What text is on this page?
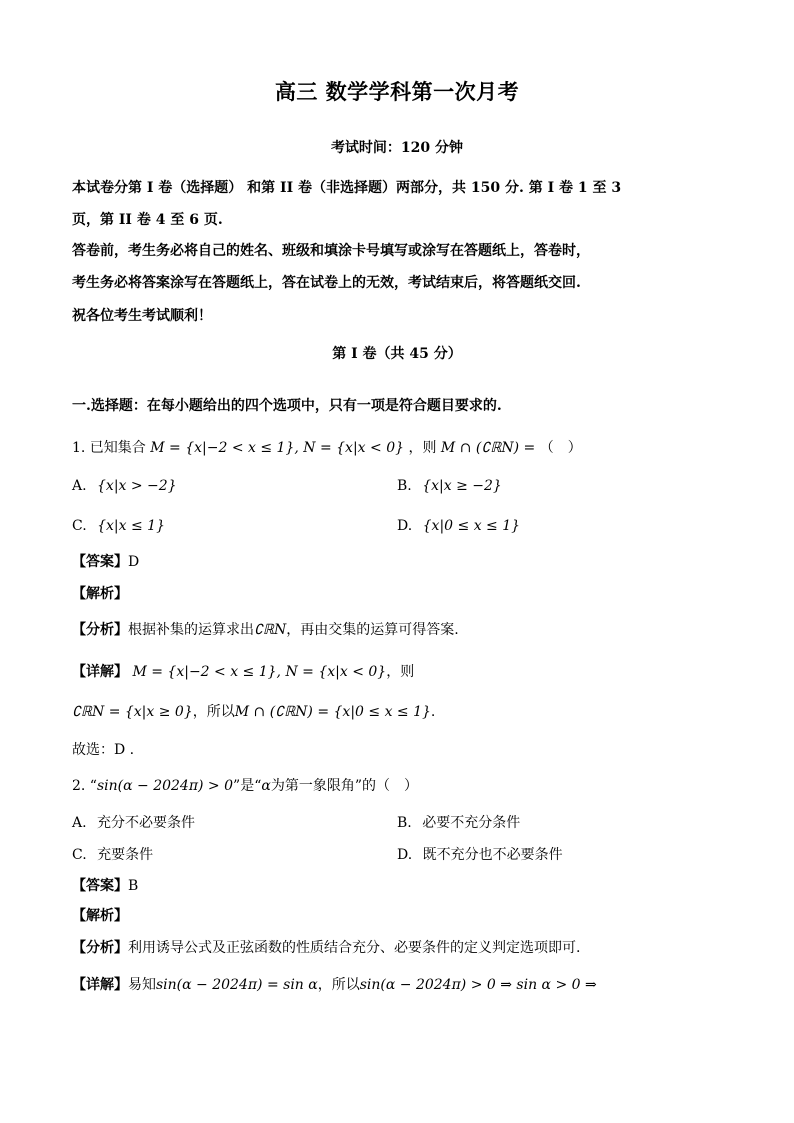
高三 数学学科第一次月考
考试时间：120 分钟
本试卷分第 I 卷（选择题） 和第 II 卷（非选择题）两部分，共 150 分. 第 I 卷 1 至 3
页，第 II 卷 4 至 6 页.
答卷前，考生务必将自己的姓名、班级和填涂卡号填写或涂写在答题纸上，答卷时，
考生务必将答案涂写在答题纸上，答在试卷上的无效，考试结束后，将答题纸交回.
祝各位考生考试顺利！
第 I 卷（共 45 分）
一.选择题：在每小题给出的四个选项中，只有一项是符合题目要求的.
1. 已知集合 M = {x|−2 < x ≤ 1}, N = {x|x < 0} ，则 M ∩ (∁ℝN) = （　）
A. {x|x > −2}	B. {x|x ≥ −2}
C. {x|x ≤ 1}	D. {x|0 ≤ x ≤ 1}
【答案】D
【解析】
【分析】根据补集的运算求出∁ℝN，再由交集的运算可得答案.
【详解】 M = {x|−2 < x ≤ 1}, N = {x|x < 0}，则
∁ℝN = {x|x ≥ 0}，所以M ∩ (∁ℝN) = {x|0 ≤ x ≤ 1}.
故选：D .
2. “sin(α − 2024π) > 0”是“α为第一象限角”的（　）
A. 充分不必要条件	B. 必要不充分条件
C. 充要条件	D. 既不充分也不必要条件
【答案】B
【解析】
【分析】利用诱导公式及正弦函数的性质结合充分、必要条件的定义判定选项即可.
【详解】易知sin(α − 2024π) = sin α，所以sin(α − 2024π) > 0 ⇒ sin α > 0 ⇒
